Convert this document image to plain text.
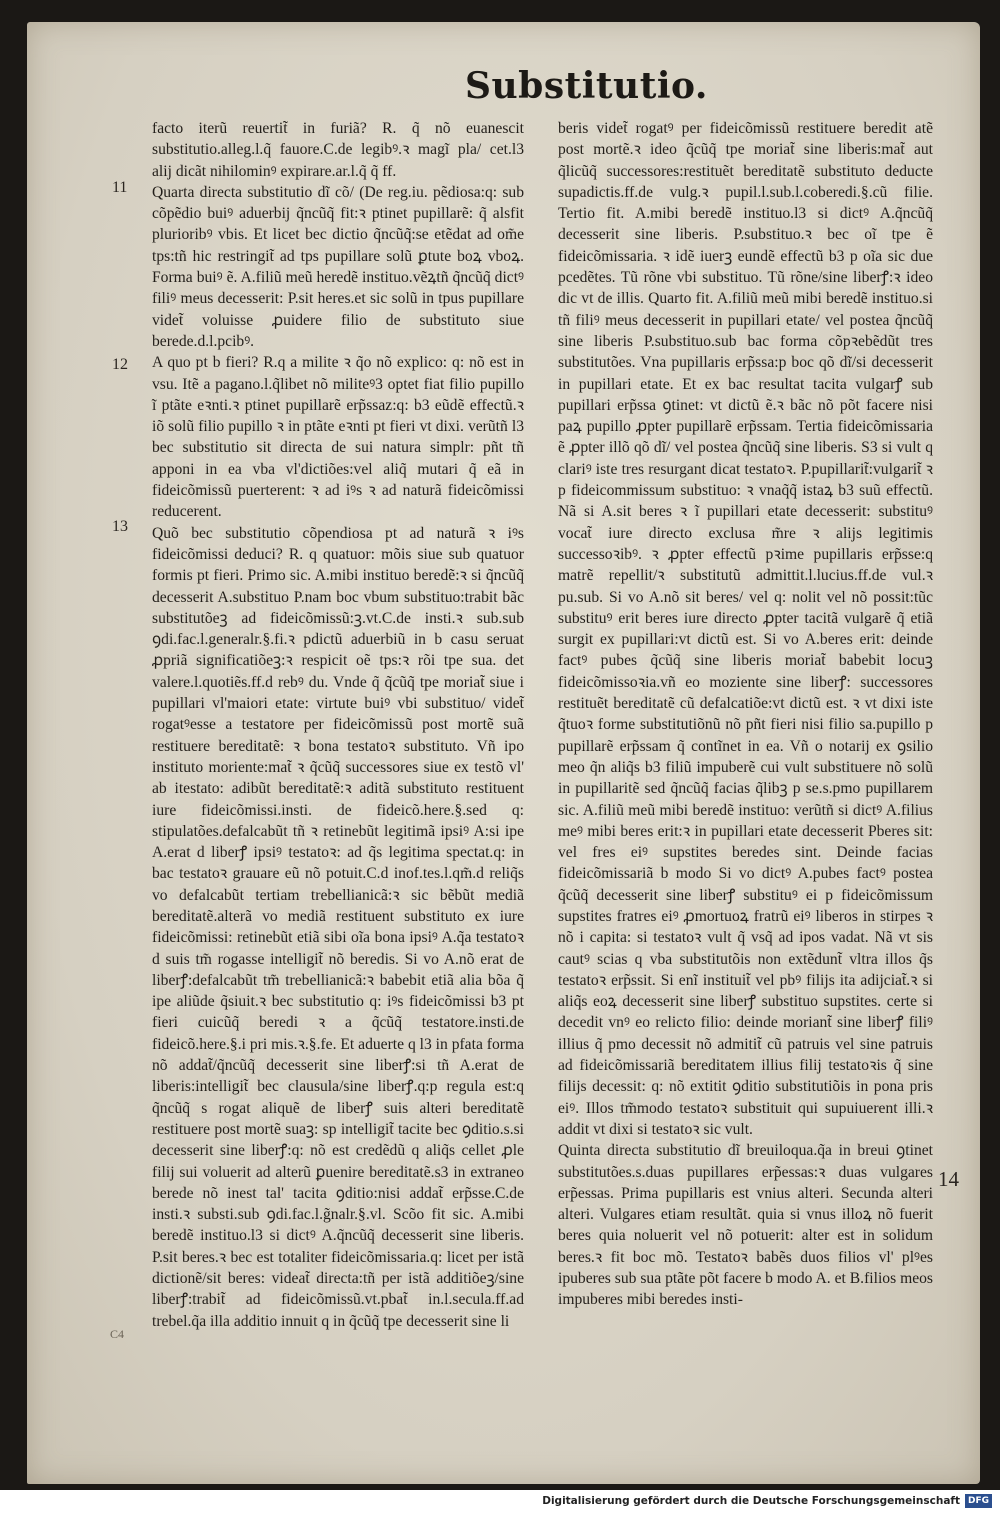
Substitutio.
11
12
13
14
C4

facto iterũ reuertit̃ in furiã? R. q̃ nõ euanescit substitutio.alleg.l.q̃ fauore.C.de legibꝰ.ꝛ magĩ pla/ cet.l3 alij dicãt nihilominꝰ expirare.ar.l.q̃ q̃ ff.

Quarta directa substitutio dĩ cõ/ (De reg.iu. pẽdiosa:q: sub cõpẽdio buiꝰ aduerbij q̃ncũq̃ fit:ꝛ ptinet pupillarẽ: q̃ alsfit plurioribꝰ vbis. Et licet bec dictio q̃ncũq̃:se etẽdat ad om̃e tps:tñ hic restringit̃ ad tps pupillare solũ ꝑtute boꝝ vboꝝ. Forma buiꝰ ẽ. A.filiũ meũ heredẽ instituo.vẽꝝtñ q̃ncũq̃ dictꝰ filiꝰ meus decesserit: P.sit heres.et sic solũ in tpus pupillare videt̃ voluisse ꝓuidere filio de substituto siue berede.d.l.pcibꝰ.

A quo pt b fieri? R.q a milite ꝛ q̃o nõ explico: q: nõ est in vsu. Itẽ a pagano.l.q̃libet nõ militeꝰ3 optet fiat filio pupillo ĩ ptãte eꝛnti.ꝛ ptinet pupillarẽ erp̃ssaz:q: b3 eũdẽ effectũ.ꝛ iõ solũ filio pupillo ꝛ in ptãte eꝛnti pt fieri vt dixi. verũtñ l3 bec substitutio sit directa de sui natura simplr: pñt tñ apponi in ea vba vl'dictiões:vel aliq̃ mutari q̃ eã in fideicõmissũ puerterent: ꝛ ad iꝰs ꝛ ad naturã fideicõmissi reducerent.

Quõ bec substitutio cõpendiosa pt ad naturã ꝛ iꝰs fideicõmissi deduci? R. q quatuor: mõis siue sub quatuor formis pt fieri. Primo sic. A.mibi instituo beredẽ:ꝛ si q̃ncũq̃ decesserit A.substituo P.nam boc vbum substituo:trabit bãc substitutõeꝫ ad fideicõmissũ:ꝫ.vt.C.de insti.ꝛ sub.sub ꝯdi.fac.l.generalr.§.fi.ꝛ pdictũ aduerbiũ in b casu seruat ꝓpriã significatiõeꝫ:ꝛ respicit oẽ tps:ꝛ rõi tpe sua. det valere.l.quotiẽs.ff.d rebꝰ du. Vnde q̃ q̃cũq̃ tpe moriat̃ siue i pupillari vl'maiori etate: virtute buiꝰ vbi substituo/ videt̃ rogatꝰesse a testatore per fideicõmissũ post mortẽ suã restituere bereditatẽ: ꝛ bona testatoꝛ substituto. Vñ ipo instituto moriente:mat̃ ꝛ q̃cũq̃ successores siue ex testõ vl' ab itestato: adibũt bereditatẽ:ꝛ aditã substituto restituent iure fideicõmissi.insti. de fideicõ.here.§.sed q: stipulatões.defalcabũt tñ ꝛ retinebũt legitimã ipsiꝰ A:si ipe A.erat d liberꝭ ipsiꝰ testatoꝛ: ad q̃s legitima spectat.q: in bac testatoꝛ grauare eũ nõ potuit.C.d inof.tes.l.qm̃.d reliq̃s vo defalcabũt tertiam trebellianicã:ꝛ sic bẽbũt mediã bereditatẽ.alterã vo mediã restituent substituto ex iure fideicõmissi: retinebũt etiã sibi oĩa bona ipsiꝰ A.q̃a testatoꝛ d suis tm̃ rogasse intelligit̃ nõ beredis. Si vo A.nõ erat de liberꝭ:defalcabũt tm̃ trebellianicã:ꝛ babebit etiã alia bõa q̃ ipe aliũde q̃siuit.ꝛ bec substitutio q: iꝰs fideicõmissi b3 pt fieri cuicũq̃ beredi ꝛ a q̃cũq̃ testatore.insti.de fideicõ.here.§.i pri mis.ꝛ.§.fe. Et aduerte q l3 in pfata forma nõ addat̃/q̃ncũq̃ decesserit sine liberꝭ:si tñ A.erat de liberis:intelligit̃ bec clausula/sine liberꝭ.q:p regula est:q q̃ncũq̃ s rogat aliquẽ de liberꝭ suis alteri bereditatẽ restituere post mortẽ suaꝫ: sp intelligit̃ tacite bec ꝯditio.s.si decesserit sine liberꝭ:q: nõ est credẽdũ q aliq̃s cellet ꝓle filij sui voluerit ad alterũ ꝑuenire bereditatẽ.s3 in extraneo berede nõ inest tal' tacita ꝯditio:nisi addat̃ erp̃sse.C.de insti.ꝛ substi.sub ꝯdi.fac.l.g̃nalr.§.vl. Scõo fit sic. A.mibi beredẽ instituo.l3 si dictꝰ A.q̃ncũq̃ decesserit sine liberis. P.sit beres.ꝛ bec est totaliter fideicõmissaria.q: licet per istã dictionẽ/sit beres: videat̃ directa:tñ per istã additiõeꝫ/sine liberꝭ:trabit̃ ad fideicõmissũ.vt.pbat̃ in.l.secula.ff.ad trebel.q̃a illa additio innuit q in q̃cũq̃ tpe decesserit sine li

beris videt̃ rogatꝰ per fideicõmissũ restituere beredit atẽ post mortẽ.ꝛ ideo q̃cũq̃ tpe moriat̃ sine liberis:mat̃ aut q̃licũq̃ successores:restituẽt bereditatẽ substituto deducte supadictis.ff.de vulg.ꝛ pupil.l.sub.l.coberedi.§.cũ filie. Tertio fit. A.mibi beredẽ instituo.l3 si dictꝰ A.q̃ncũq̃ decesserit sine liberis. P.substituo.ꝛ bec oĩ tpe ẽ fideicõmissaria. ꝛ idẽ iuerꝫ eundẽ effectũ b3 p oĩa sic due pcedẽtes. Tũ rõne vbi substituo. Tũ rõne/sine liberꝭ:ꝛ ideo dic vt de illis. Quarto fit. A.filiũ meũ mibi beredẽ instituo.si tñ filiꝰ meus decesserit in pupillari etate/ vel postea q̃ncũq̃ sine liberis P.substituo.sub bac forma cõpꝛebẽdũt tres substitutões. Vna pupillaris erp̃ssa:p boc qõ dĩ/si decesserit in pupillari etate. Et ex bac resultat tacita vulgarꝭ sub pupillari erp̃ssa ꝯtinet: vt dictũ ẽ.ꝛ bãc nõ põt facere nisi paꝝ pupillo ꝓpter pupillarẽ erp̃ssam. Tertia fideicõmissaria ẽ ꝓpter illõ qõ dĩ/ vel postea q̃ncũq̃ sine liberis. S3 si vult q clariꝰ iste tres resurgant dicat testatoꝛ. P.pupillarit̃:vulgarit̃ ꝛ p fideicommissum substituo: ꝛ vnaq̃q̃ istaꝝ b3 suũ effectũ. Nã si A.sit beres ꝛ ĩ pupillari etate decesserit: substituꝰ vocat̃ iure directo exclusa m̃re ꝛ alijs legitimis successoꝛibꝰ. ꝛ ꝓpter effectũ pꝛime pupillaris erp̃sse:q matrẽ repellit/ꝛ substitutũ admittit.l.lucius.ff.de vul.ꝛ pu.sub. Si vo A.nõ sit beres/ vel q: nolit vel nõ possit:tũc substituꝰ erit beres iure directo ꝓpter tacitã vulgarẽ q̃ etiã surgit ex pupillari:vt dictũ est. Si vo A.beres erit: deinde factꝰ pubes q̃cũq̃ sine liberis moriat̃ babebit locuꝫ fideicõmissoꝛia.vñ eo moziente sine liberꝭ: successores restituẽt bereditatẽ cũ defalcatiõe:vt dictũ est. ꝛ vt dixi iste q̃tuoꝛ forme substitutiõnũ nõ pñt fieri nisi filio sa.pupillo p pupillarẽ erp̃ssam q̃ contĩnet in ea. Vñ o notarij ex ꝯsilio meo q̃n aliq̃s b3 filiũ impuberẽ cui vult substituere nõ solũ in pupillaritẽ sed q̃ncũq̃ facias q̃libꝫ p se.s.pmo pupillarem sic. A.filiũ meũ mibi beredẽ instituo: verũtñ si dictꝰ A.filius meꝰ mibi beres erit:ꝛ in pupillari etate decesserit Pberes sit: vel fres eiꝰ supstites beredes sint. Deinde facias fideicõmissariã b modo Si vo dictꝰ A.pubes factꝰ postea q̃cũq̃ decesserit sine liberꝭ substituꝰ ei p fideicõmissum supstites fratres eiꝰ ꝓmortuoꝝ fratrũ eiꝰ liberos in stirpes ꝛ nõ i capita: si testatoꝛ vult q̃ vsq̃ ad ipos vadat. Nã vt sis cautꝰ scias q vba substitutõis non extẽdunt̃ vltra illos q̃s testatoꝛ erp̃ssit. Si enĩ instituit̃ vel pbꝰ filijs ita adijciat̃.ꝛ si aliq̃s eoꝝ decesserit sine liberꝭ substituo supstites. certe si decedit vnꝰ eo relicto filio: deinde moriant̃ sine liberꝭ filiꝰ illius q̃ pmo decessit nõ admitit̃ cũ patruis vel sine patruis ad fideicõmissariã bereditatem illius filij testatoꝛis q̃ sine filijs decessit: q: nõ extitit ꝯditio substitutiõis in pona pris eiꝰ. Illos tm̃modo testatoꝛ substituit qui supuiuerent illi.ꝛ addit vt dixi si testatoꝛ sic vult.

Quinta directa substitutio dĩ breuiloqua.q̃a in breui ꝯtinet substitutões.s.duas pupillares erp̃essas:ꝛ duas vulgares erp̃essas. Prima pupillaris est vnius alteri. Secunda alteri alteri. Vulgares etiam resultãt. quia si vnus illoꝝ nõ fuerit beres quia noluerit vel nõ potuerit: alter est in solidum beres.ꝛ fit boc mõ. Testatoꝛ babẽs duos filios vl' plꝰes ipuberes sub sua ptãte põt facere b modo A. et B.filios meos impuberes mibi beredes insti-

Digitalisierung gefördert durch die Deutsche Forschungsgemeinschaft DFG
